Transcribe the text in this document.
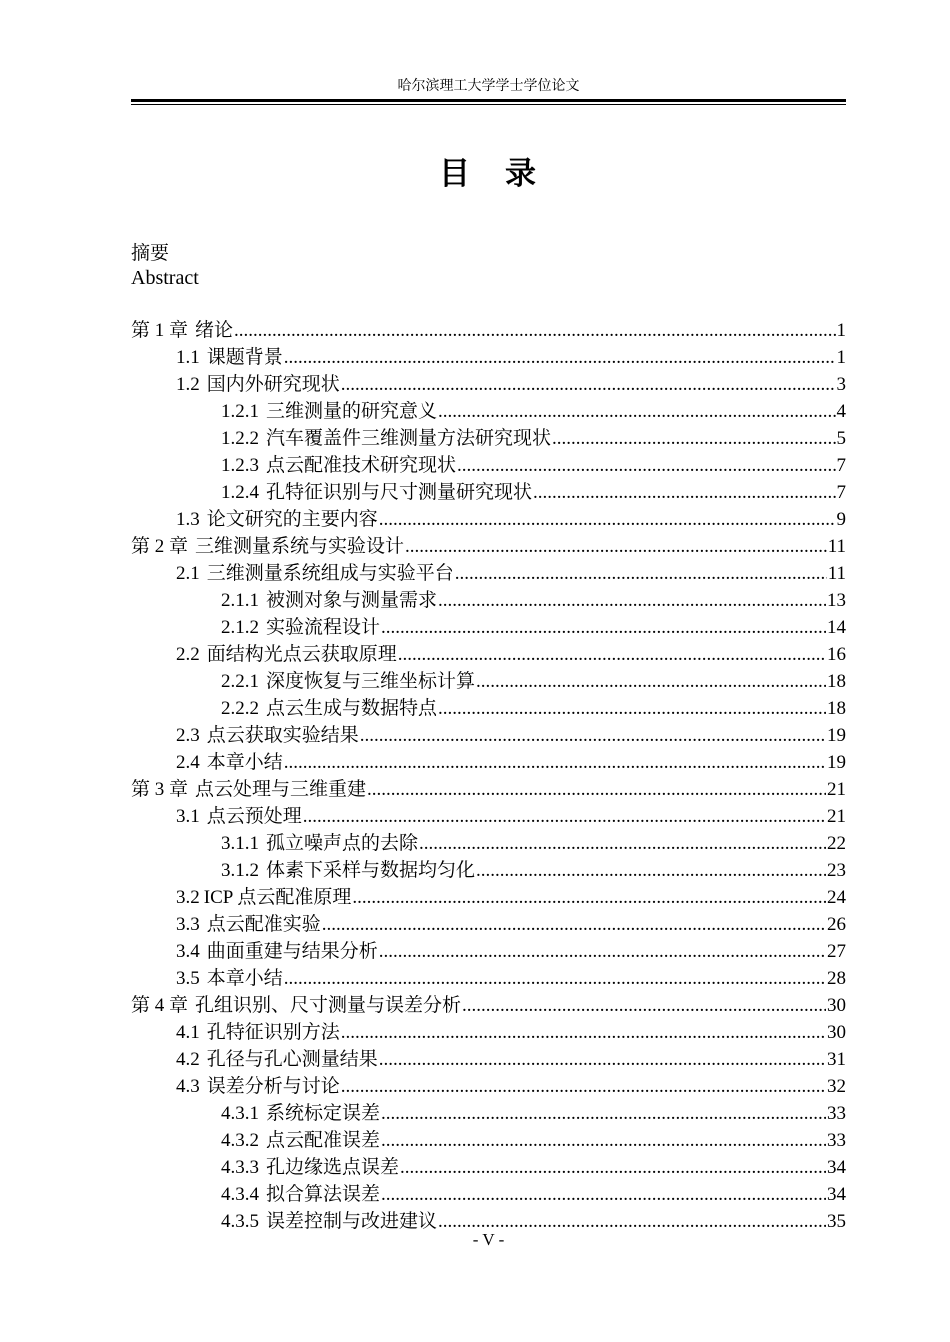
哈尔滨理工大学学士学位论文
目　录
摘要
Abstract
第 1 章 绪论 .....	1
1.1 课题背景 .....	1
1.2 国内外研究现状 .....	3
1.2.1 三维测量的研究意义 .....	4
1.2.2 汽车覆盖件三维测量方法研究现状 .....	5
1.2.3 点云配准技术研究现状 .....	7
1.2.4 孔特征识别与尺寸测量研究现状 .....	7
1.3 论文研究的主要内容 .....	9
第 2 章 三维测量系统与实验设计 .....	11
2.1 三维测量系统组成与实验平台 .....	11
2.1.1 被测对象与测量需求 .....	13
2.1.2 实验流程设计 .....	14
2.2 面结构光点云获取原理 .....	16
2.2.1 深度恢复与三维坐标计算 .....	18
2.2.2 点云生成与数据特点 .....	18
2.3 点云获取实验结果 .....	19
2.4 本章小结 .....	19
第 3 章 点云处理与三维重建 .....	21
3.1 点云预处理 .....	21
3.1.1 孤立噪声点的去除 .....	22
3.1.2 体素下采样与数据均匀化 .....	23
3.2 ICP 点云配准原理 .....	24
3.3 点云配准实验 .....	26
3.4 曲面重建与结果分析 .....	27
3.5 本章小结 .....	28
第 4 章 孔组识别、尺寸测量与误差分析 .....	30
4.1 孔特征识别方法 .....	30
4.2 孔径与孔心测量结果 .....	31
4.3 误差分析与讨论 .....	32
4.3.1 系统标定误差 .....	33
4.3.2 点云配准误差 .....	33
4.3.3 孔边缘选点误差 .....	34
4.3.4 拟合算法误差 .....	34
4.3.5 误差控制与改进建议 .....	35
- V -
